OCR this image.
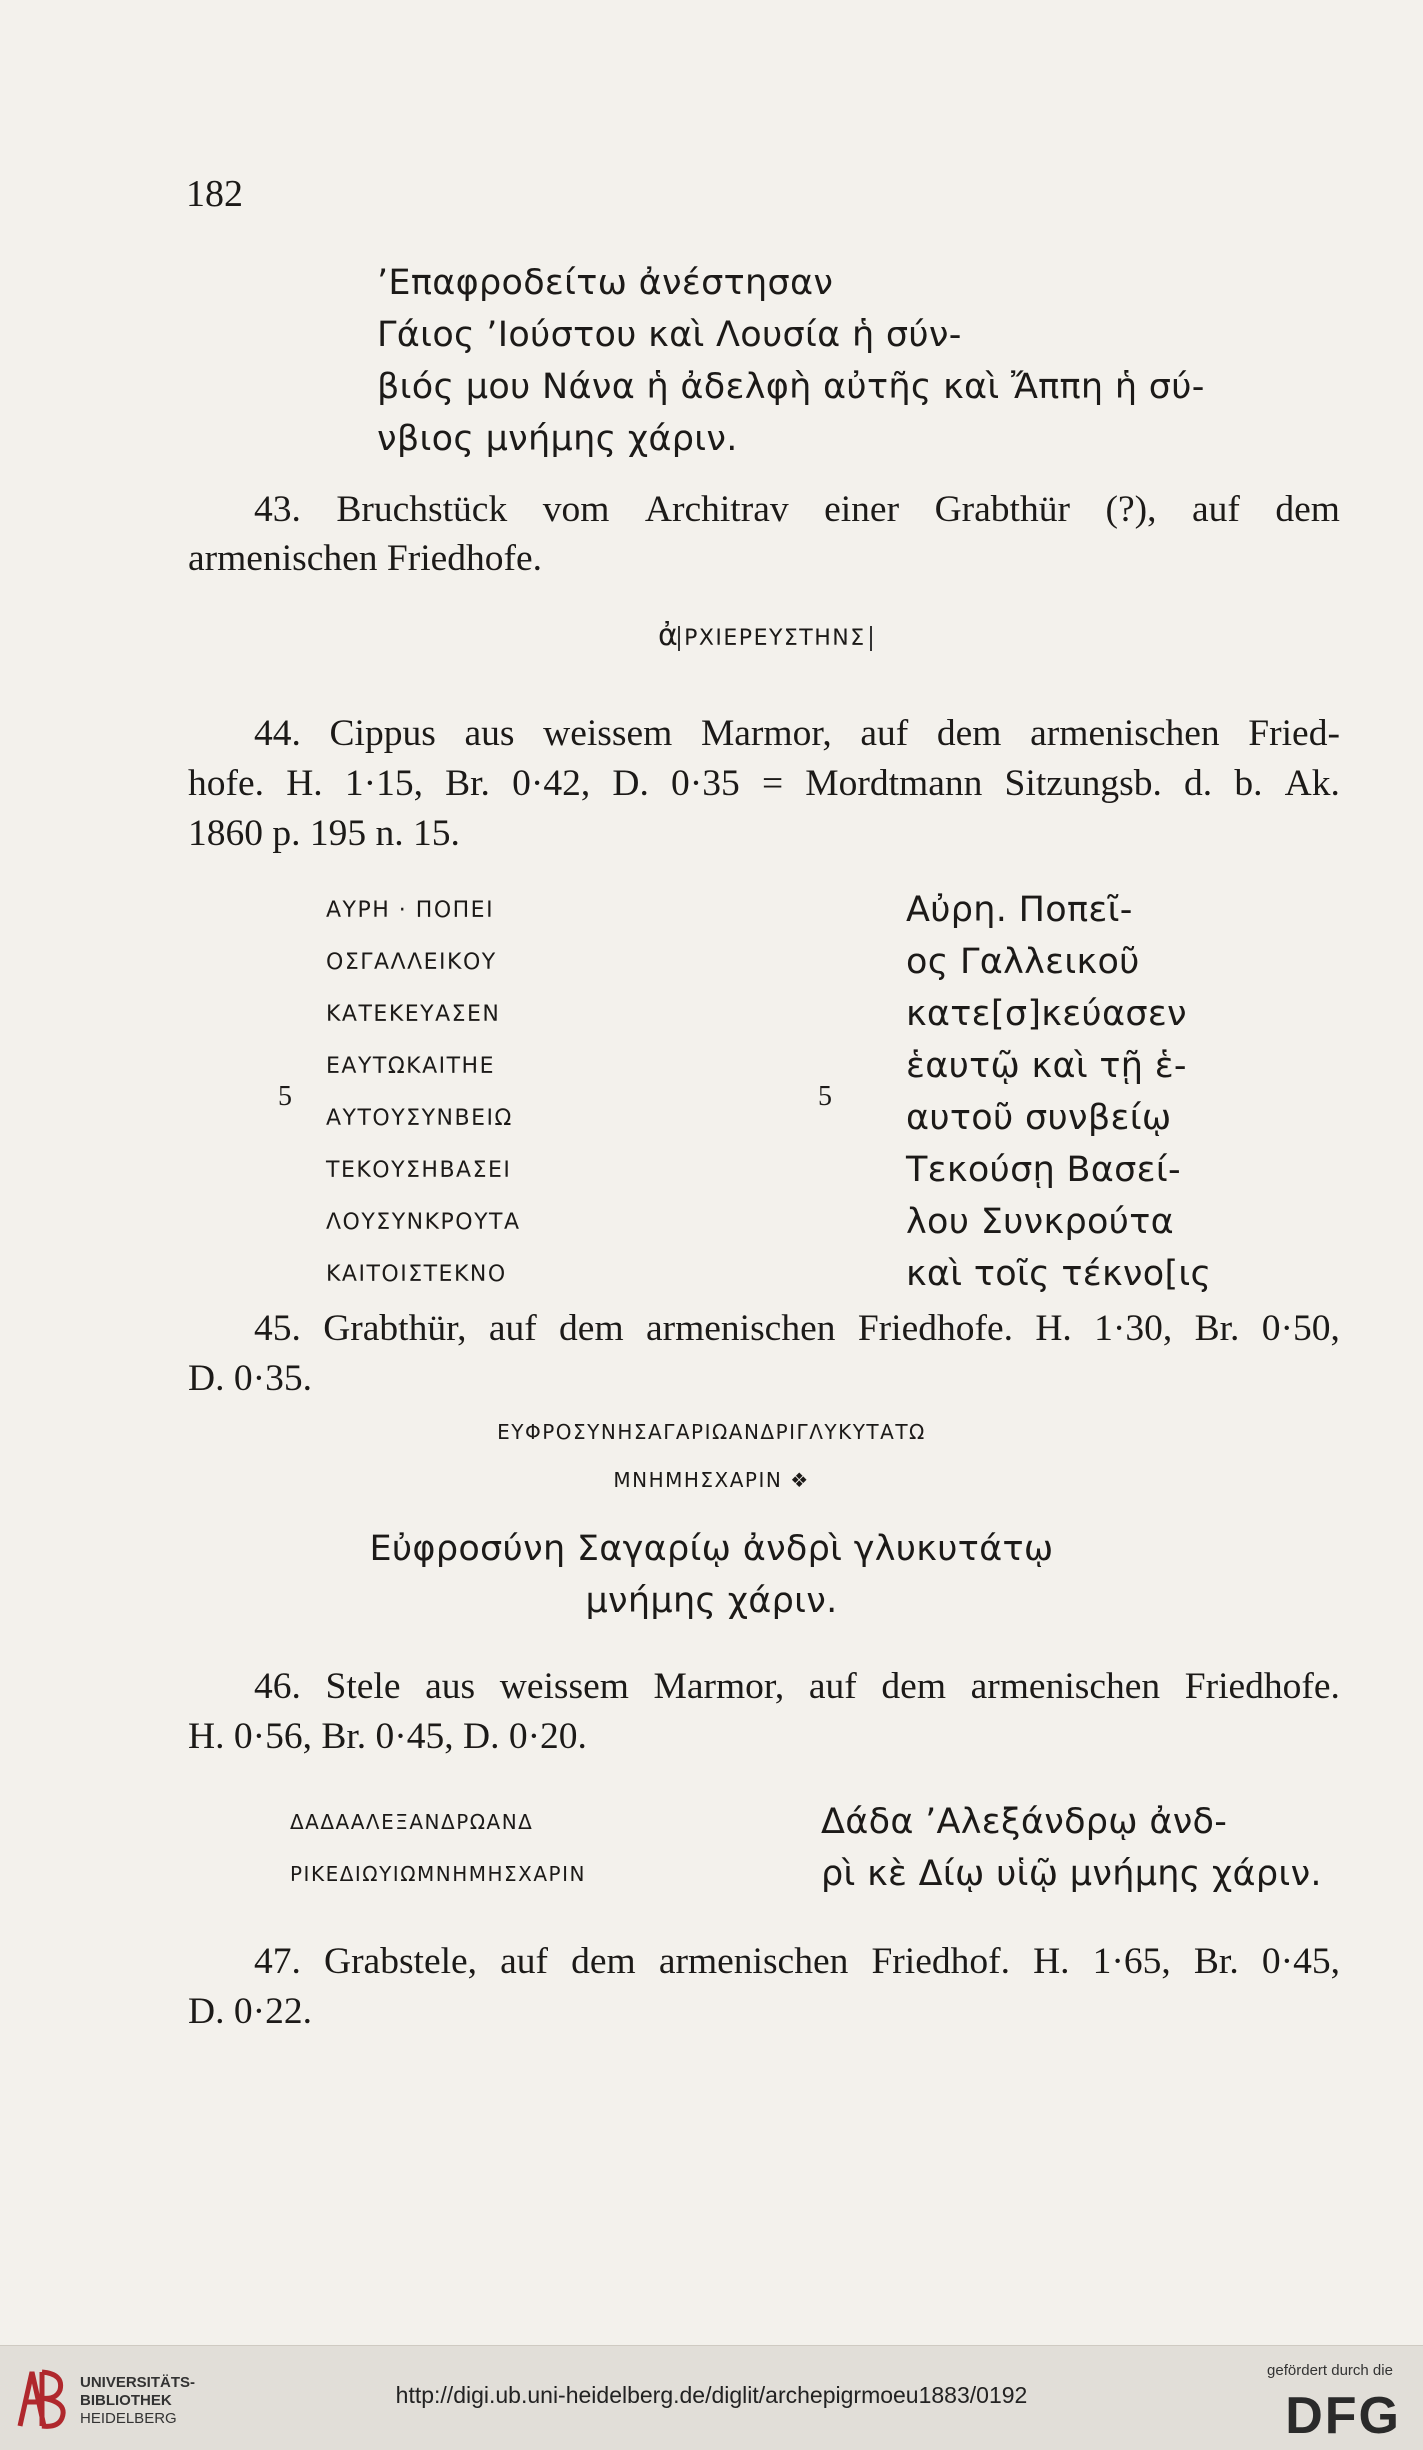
182
ʼΕπαφροδείτω ἀνέστησαν
Γάιος ʼΙούστου καὶ Λουσία ἡ σύν-
βιός μου Νάνα ἡ ἀδελφὴ αὐτῆς καὶ Ἄππη ἡ σύ-
νβιος μνήμης χάριν.
43. Bruchstück vom Architrav einer Grabthür (?), auf dem
armenischen Friedhofe.
ἀ ΡΧΙΕΡΕΥΣΤΗΝΣ
44. Cippus aus weissem Marmor, auf dem armenischen Fried-
hofe. H. 1·15, Br. 0·42, D. 0·35 = Mordtmann Sitzungsb. d. b. Ak.
1860 p. 195 n. 15.
ΑΥΡΗ · ΠΟΠΕΙ
ΟΣΓΑΛΛΕΙΚΟΥ
ΚΑΤΕΚΕΥΑΣΕΝ
ΕΑΥΤΩΚΑΙΤΗΕ
5
ΑΥΤΟΥΣΥΝΒΕΙΩ
ΤΕΚΟΥΣΗΒΑΣΕΙ
ΛΟΥΣΥΝΚΡΟΥΤΑ
ΚΑΙΤΟΙΣΤΕΚΝΟ
Αὐρη. Ποπεῖ-
ος Γαλλεικοῦ
κατε[σ]κεύασεν
ἑαυτῷ καὶ τῇ ἑ-
5
αυτοῦ συνβείῳ
Τεκούσῃ Βασεί-
λου Συνκρούτα
καὶ τοῖς τέκνο[ις
45. Grabthür, auf dem armenischen Friedhofe. H. 1·30, Br. 0·50,
D. 0·35.
ΕΥΦΡΟΣΥΝΗΣΑΓΑΡΙΩΑΝΔΡΙΓΛΥΚΥΤΑΤΩ
ΜΝΗΜΗΣΧΑΡΙΝ ❖
Εὐφροσύνη Σαγαρίῳ ἀνδρὶ γλυκυτάτῳ
μνήμης χάριν.
46. Stele aus weissem Marmor, auf dem armenischen Friedhofe.
H. 0·56, Br. 0·45, D. 0·20.
ΔΑΔΑΑΛΕΞΑΝΔΡΩΑΝΔ
ΡΙΚΕΔΙΩΥΙΩΜΝΗΜΗΣΧΑΡΙΝ
Δάδα ʼΑλεξάνδρῳ ἀνδ-
ρὶ κὲ Δίῳ υἱῷ μνήμης χάριν.
47. Grabstele, auf dem armenischen Friedhof. H. 1·65, Br. 0·45,
D. 0·22.
UNIVERSITÄTS-
BIBLIOTHEK
HEIDELBERG
http://digi.ub.uni-heidelberg.de/diglit/archepigrmoeu1883/0192
gefördert durch die
DFG
